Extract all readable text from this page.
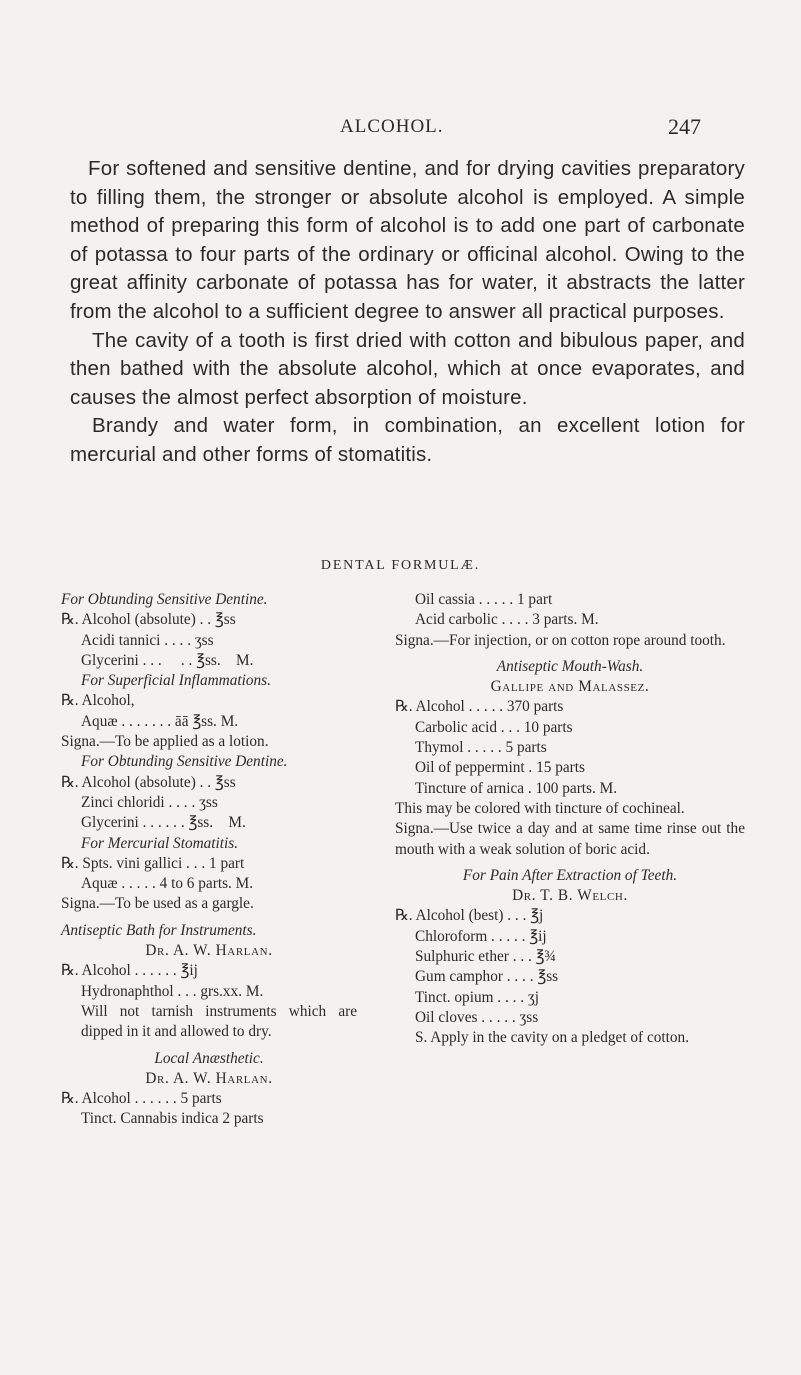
ALCOHOL.	247

For softened and sensitive dentine, and for drying cavities preparatory to filling them, the stronger or absolute alcohol is employed. A simple method of preparing this form of alcohol is to add one part of carbonate of potassa to four parts of the ordinary or officinal alcohol. Owing to the great affinity carbonate of potassa has for water, it abstracts the latter from the alcohol to a sufficient degree to answer all practical purposes.

The cavity of a tooth is first dried with cotton and bibulous paper, and then bathed with the absolute alcohol, which at once evaporates, and causes the almost perfect absorption of moisture.

Brandy and water form, in combination, an excellent lotion for mercurial and other forms of stomatitis.

DENTAL FORMULÆ.
For Obtunding Sensitive Dentine.
℞. Alcohol (absolute) . . ℥ss
Acidi tannici . . . . ʒss
Glycerini . . .     . . ℥ss.    M.
For Superficial Inflammations.
℞. Alcohol,
Aquæ . . . . . . . āā ℥ss. M.
Signa.—To be applied as a lotion.
For Obtunding Sensitive Dentine.
℞. Alcohol (absolute) . . ℥ss
Zinci chloridi . . . . ʒss
Glycerini . . . . . . ℥ss.    M.
For Mercurial Stomatitis.
℞. Spts. vini gallici . . . 1 part
Aquæ . . . . . 4 to 6 parts. M.
Signa.—To be used as a gargle.
Antiseptic Bath for Instruments.
Dr. A. W. Harlan.
℞. Alcohol . . . . . . ℥ij
Hydronaphthol . . . grs.xx. M.
Will not tarnish instruments which are dipped in it and allowed to dry.
Local Anæsthetic.
Dr. A. W. Harlan.
℞. Alcohol . . . . . . 5 parts
Tinct. Cannabis indica 2 parts
Oil cassia . . . . . 1 part
Acid carbolic . . . . 3 parts. M.
Signa.—For injection, or on cotton rope around tooth.
Antiseptic Mouth-Wash.
Gallipe and Malassez.
℞. Alcohol . . . . . 370 parts
Carbolic acid . . . 10 parts
Thymol . . . . . 5 parts
Oil of peppermint . 15 parts
Tincture of arnica . 100 parts. M.
This may be colored with tincture of cochineal.
Signa.—Use twice a day and at same time rinse out the mouth with a weak solution of boric acid.
For Pain After Extraction of Teeth.
Dr. T. B. Welch.
℞. Alcohol (best) . . . ℥j
Chloroform . . . . . ℥ij
Sulphuric ether . . . ℥¾
Gum camphor . . . . ℥ss
Tinct. opium . . . . ʒj
Oil cloves . . . . . ʒss
S. Apply in the cavity on a pledget of cotton.
